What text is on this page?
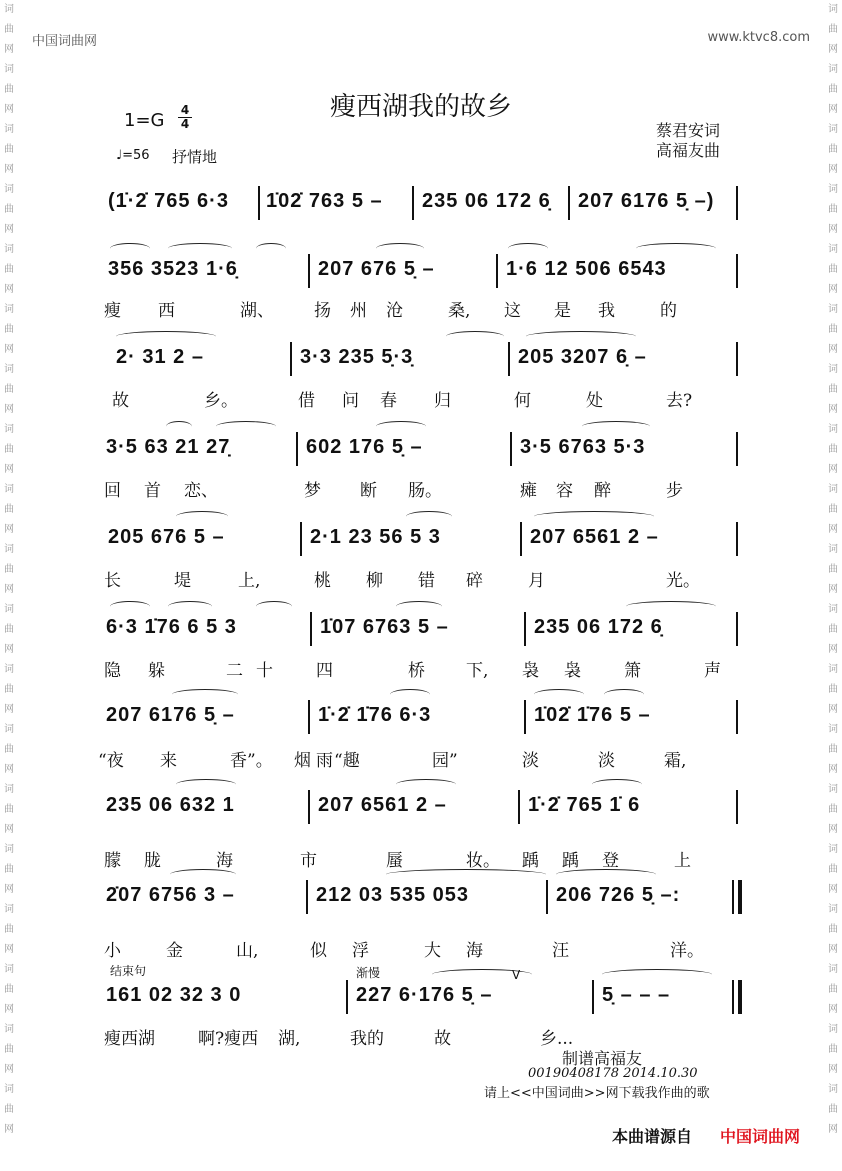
词曲网
词曲网
词曲网
词曲网
词曲网
词曲网
词曲网
词曲网
词曲网
词曲网
词曲网
词曲网
词曲网
词曲网
词曲网
词曲网
词曲网
词曲网
词曲网
词曲网
词曲网
词曲网
词曲网
词曲网
词曲网
词曲网
词曲网
词曲网
词曲网
词曲网
词曲网
词曲网
词曲网
词曲网
词曲网
词曲网
词曲网
词曲网
中国词曲网	www.ktvc8.com
瘦西湖我的故乡
1=G 4
4
♩=56 抒情地
蔡君安词
高福友曲
(1̇·2̇ 765 6·3 1̇02̇ 763 5 – 235 06 172 6̣ 207 6176 5̣ –)
356 3523 1·6̣	207 676 5̣ –	1·6 12 506 6543
2· 31 2 –	3·3 235 5̣·3̣	205 3207 6̣ –
3·5 63 21 27̣	602 176 5̣ –	3·5 6763 5·3
205 676 5 –	2·1 23 56 5 3	207 6561 2 –
6·3 1̇76 6 5 3	1̇07 6763 5 –	235 06 172 6̣
207 6176 5̣ –	1̇·2̇ 1̇76 6·3	1̇02̇ 1̇76 5 –
235 06 632 1	207 6561 2 –	1̇·2̇ 765 1̇ 6
2̇07 6756 3 –	212 03 535 053	206 726 5̣ –:
161 02 32 3 0	227 6·176 5̣ –	5̣ – – –
结束句	渐慢	V
瘦 西	湖、 扬 州 沧	桑, 这 是 我	的
故	乡。	借 问 春 归	何	处	去?
回 首 恋、	梦 断 肠。	瘫 容 醉	步
长	堤	上,	桃 柳 错 碎	月	光。
隐 躲	二 十	四	桥 下, 袅 袅	箫	声
“夜 来	香”。 烟 雨 “趣	园”	淡	淡	霜,
朦 胧	海	市	蜃	妆。 踽 踽 登	上
小	金	山,	似 浮	大 海	汪	洋。
瘦西湖	啊?瘦西 湖,	我的	故	乡...
制谱高福友
00190408178 2014.10.30
请上<<中国词曲>>网下载我作曲的歌
本曲谱源自 中国词曲网
